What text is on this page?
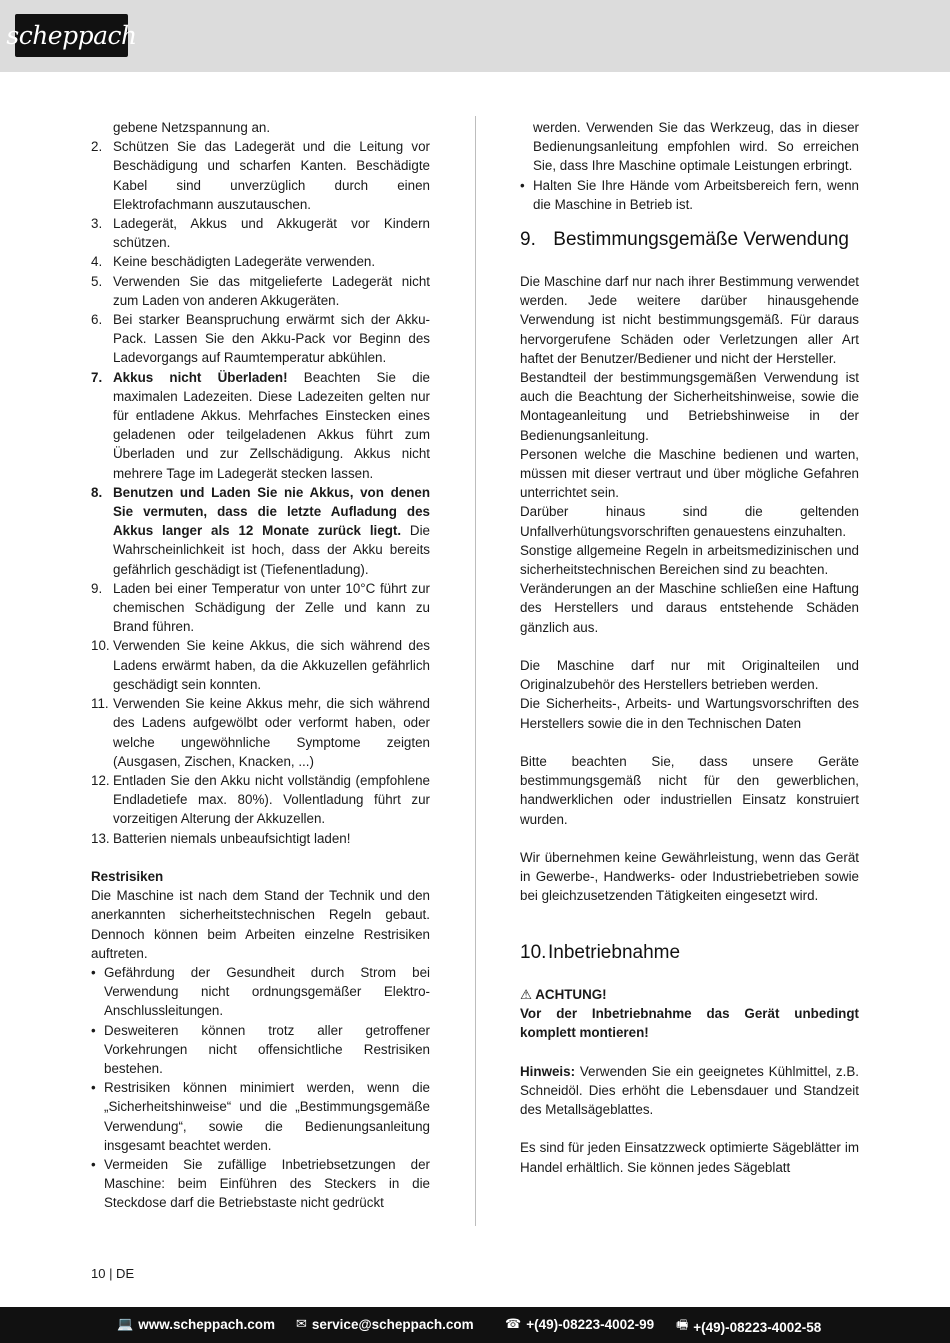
scheppach
gebene Netzspannung an.
2. Schützen Sie das Ladegerät und die Leitung vor Beschädigung und scharfen Kanten. Beschädigte Kabel sind unverzüglich durch einen Elektrofachmann auszutauschen.
3. Ladegerät, Akkus und Akkugerät vor Kindern schützen.
4. Keine beschädigten Ladegeräte verwenden.
5. Verwenden Sie das mitgelieferte Ladegerät nicht zum Laden von anderen Akkugeräten.
6. Bei starker Beanspruchung erwärmt sich der Akku-Pack. Lassen Sie den Akku-Pack vor Beginn des Ladevorgangs auf Raumtemperatur abkühlen.
7. Akkus nicht Überladen! Beachten Sie die maximalen Ladezeiten. Diese Ladezeiten gelten nur für entladene Akkus. Mehrfaches Einstecken eines geladenen oder teilgeladenen Akkus führt zum Überladen und zur Zellschädigung. Akkus nicht mehrere Tage im Ladegerät stecken lassen.
8. Benutzen und Laden Sie nie Akkus, von denen Sie vermuten, dass die letzte Aufladung des Akkus langer als 12 Monate zurück liegt. Die Wahrscheinlichkeit ist hoch, dass der Akku bereits gefährlich geschädigt ist (Tiefenentladung).
9. Laden bei einer Temperatur von unter 10°C führt zur chemischen Schädigung der Zelle und kann zu Brand führen.
10. Verwenden Sie keine Akkus, die sich während des Ladens erwärmt haben, da die Akkuzellen gefährlich geschädigt sein konnten.
11. Verwenden Sie keine Akkus mehr, die sich während des Ladens aufgewölbt oder verformt haben, oder welche ungewöhnliche Symptome zeigten (Ausgasen, Zischen, Knacken, ...)
12. Entladen Sie den Akku nicht vollständig (empfohlene Endladetiefe max. 80%). Vollentladung führt zur vorzeitigen Alterung der Akkuzellen.
13. Batterien niemals unbeaufsichtigt laden!
Restrisiken

Die Maschine ist nach dem Stand der Technik und den anerkannten sicherheitstechnischen Regeln gebaut. Dennoch können beim Arbeiten einzelne Restrisiken auftreten.

• Gefährdung der Gesundheit durch Strom bei Verwendung nicht ordnungsgemäßer Elektro-Anschlussleitungen.
• Desweiteren können trotz aller getroffener Vorkehrungen nicht offensichtliche Restrisiken bestehen.
• Restrisiken können minimiert werden, wenn die „Sicherheitshinweise“ und die „Bestimmungsgemäße Verwendung“, sowie die Bedienungsanleitung insgesamt beachtet werden.
• Vermeiden Sie zufällige Inbetriebsetzungen der Maschine: beim Einführen des Steckers in die Steckdose darf die Betriebstaste nicht gedrückt
werden. Verwenden Sie das Werkzeug, das in dieser Bedienungsanleitung empfohlen wird. So erreichen Sie, dass Ihre Maschine optimale Leistungen erbringt.
• Halten Sie Ihre Hände vom Arbeitsbereich fern, wenn die Maschine in Betrieb ist.
9. Bestimmungsgemäße Verwendung

Die Maschine darf nur nach ihrer Bestimmung verwendet werden. Jede weitere darüber hinausgehende Verwendung ist nicht bestimmungsgemäß. Für daraus hervorgerufene Schäden oder Verletzungen aller Art haftet der Benutzer/Bediener und nicht der Hersteller.

Bestandteil der bestimmungsgemäßen Verwendung ist auch die Beachtung der Sicherheitshinweise, sowie die Montageanleitung und Betriebshinweise in der Bedienungsanleitung.

Personen welche die Maschine bedienen und warten, müssen mit dieser vertraut und über mögliche Gefahren unterrichtet sein.

Darüber hinaus sind die geltenden Unfallverhütungsvorschriften genauestens einzuhalten.

Sonstige allgemeine Regeln in arbeitsmedizinischen und sicherheitstechnischen Bereichen sind zu beachten.

Veränderungen an der Maschine schließen eine Haftung des Herstellers und daraus entstehende Schäden gänzlich aus.

Die Maschine darf nur mit Originalteilen und Originalzubehör des Herstellers betrieben werden.

Die Sicherheits-, Arbeits- und Wartungsvorschriften des Herstellers sowie die in den Technischen Daten

Bitte beachten Sie, dass unsere Geräte bestimmungsgemäß nicht für den gewerblichen, handwerklichen oder industriellen Einsatz konstruiert wurden.

Wir übernehmen keine Gewährleistung, wenn das Gerät in Gewerbe-, Handwerks- oder Industriebetrieben sowie bei gleichzusetzenden Tätigkeiten eingesetzt wird.

10.Inbetriebnahme
⚠ ACHTUNG!
Vor der Inbetriebnahme das Gerät unbedingt komplett montieren!

Hinweis: Verwenden Sie ein geeignetes Kühlmittel, z.B. Schneidöl. Dies erhöht die Lebensdauer und Standzeit des Metallsägeblattes.

Es sind für jeden Einsatzzweck optimierte Sägeblätter im Handel erhältlich. Sie können jedes Sägeblatt

10 | DE
💻 www.scheppach.com ✉ service@scheppach.com ☎ +(49)-08223-4002-99 🖷 +(49)-08223-4002-58
